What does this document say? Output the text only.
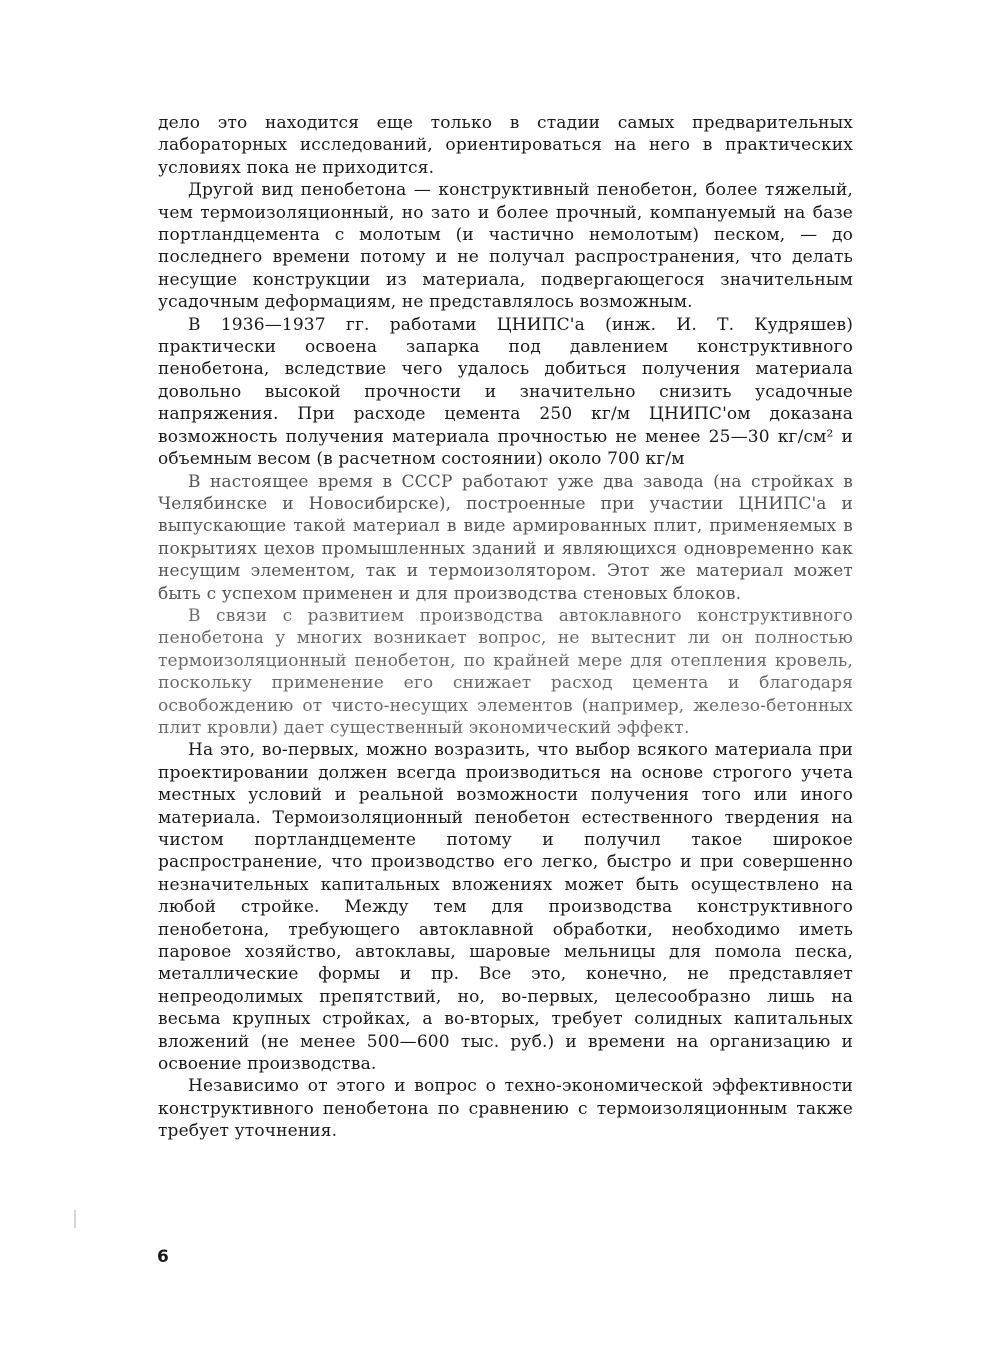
дело это находится еще только в стадии самых предварительных лабораторных исследований, ориентироваться на него в практических условиях пока не приходится.

Другой вид пенобетона — конструктивный пенобетон, более тяжелый, чем термоизоляционный, но зато и более прочный, компануемый на базе портландцемента с молотым (и частично немолотым) песком, — до последнего времени потому и не получал распространения, что делать несущие конструкции из материала, подвергающегося значительным усадочным деформациям, не представлялось возможным.

В 1936—1937 гг. работами ЦНИПС'а (инж. И. Т. Кудряшев) практически освоена запарка под давлением конструктивного пенобетона, вследствие чего удалось добиться получения материала довольно высокой прочности и значительно снизить усадочные напряжения. При расходе цемента 250 кг/м ЦНИПС'ом доказана возможность получения материала прочностью не менее 25—30 кг/см² и объемным весом (в расчетном состоянии) около 700 кг/м

В настоящее время в СССР работают уже два завода (на стройках в Челябинске и Новосибирске), построенные при участии ЦНИПС'а и выпускающие такой материал в виде армированных плит, применяемых в покрытиях цехов промышленных зданий и являющихся одновременно как несущим элементом, так и термоизолятором. Этот же материал может быть с успехом применен и для производства стеновых блоков.

В связи с развитием производства автоклавного конструктивного пенобетона у многих возникает вопрос, не вытеснит ли он полностью термоизоляционный пенобетон, по крайней мере для отепления кровель, поскольку применение его снижает расход цемента и благодаря освобождению от чисто-несущих элементов (например, железо-бетонных плит кровли) дает существенный экономический эффект.

На это, во-первых, можно возразить, что выбор всякого материала при проектировании должен всегда производиться на основе строгого учета местных условий и реальной возможности получения того или иного материала. Термоизоляционный пенобетон естественного твердения на чистом портландцементе потому и получил такое широкое распространение, что производство его легко, быстро и при совершенно незначительных капитальных вложениях может быть осуществлено на любой стройке. Между тем для производства конструктивного пенобетона, требующего автоклавной обработки, необходимо иметь паровое хозяйство, автоклавы, шаровые мельницы для помола песка, металлические формы и пр. Все это, конечно, не представляет непреодолимых препятствий, но, во-первых, целесообразно лишь на весьма крупных стройках, а во-вторых, требует солидных капитальных вложений (не менее 500—600 тыс. руб.) и времени на организацию и освоение производства.

Независимо от этого и вопрос о техно-экономической эффективности конструктивного пенобетона по сравнению с термоизоляционным также требует уточнения.

6
